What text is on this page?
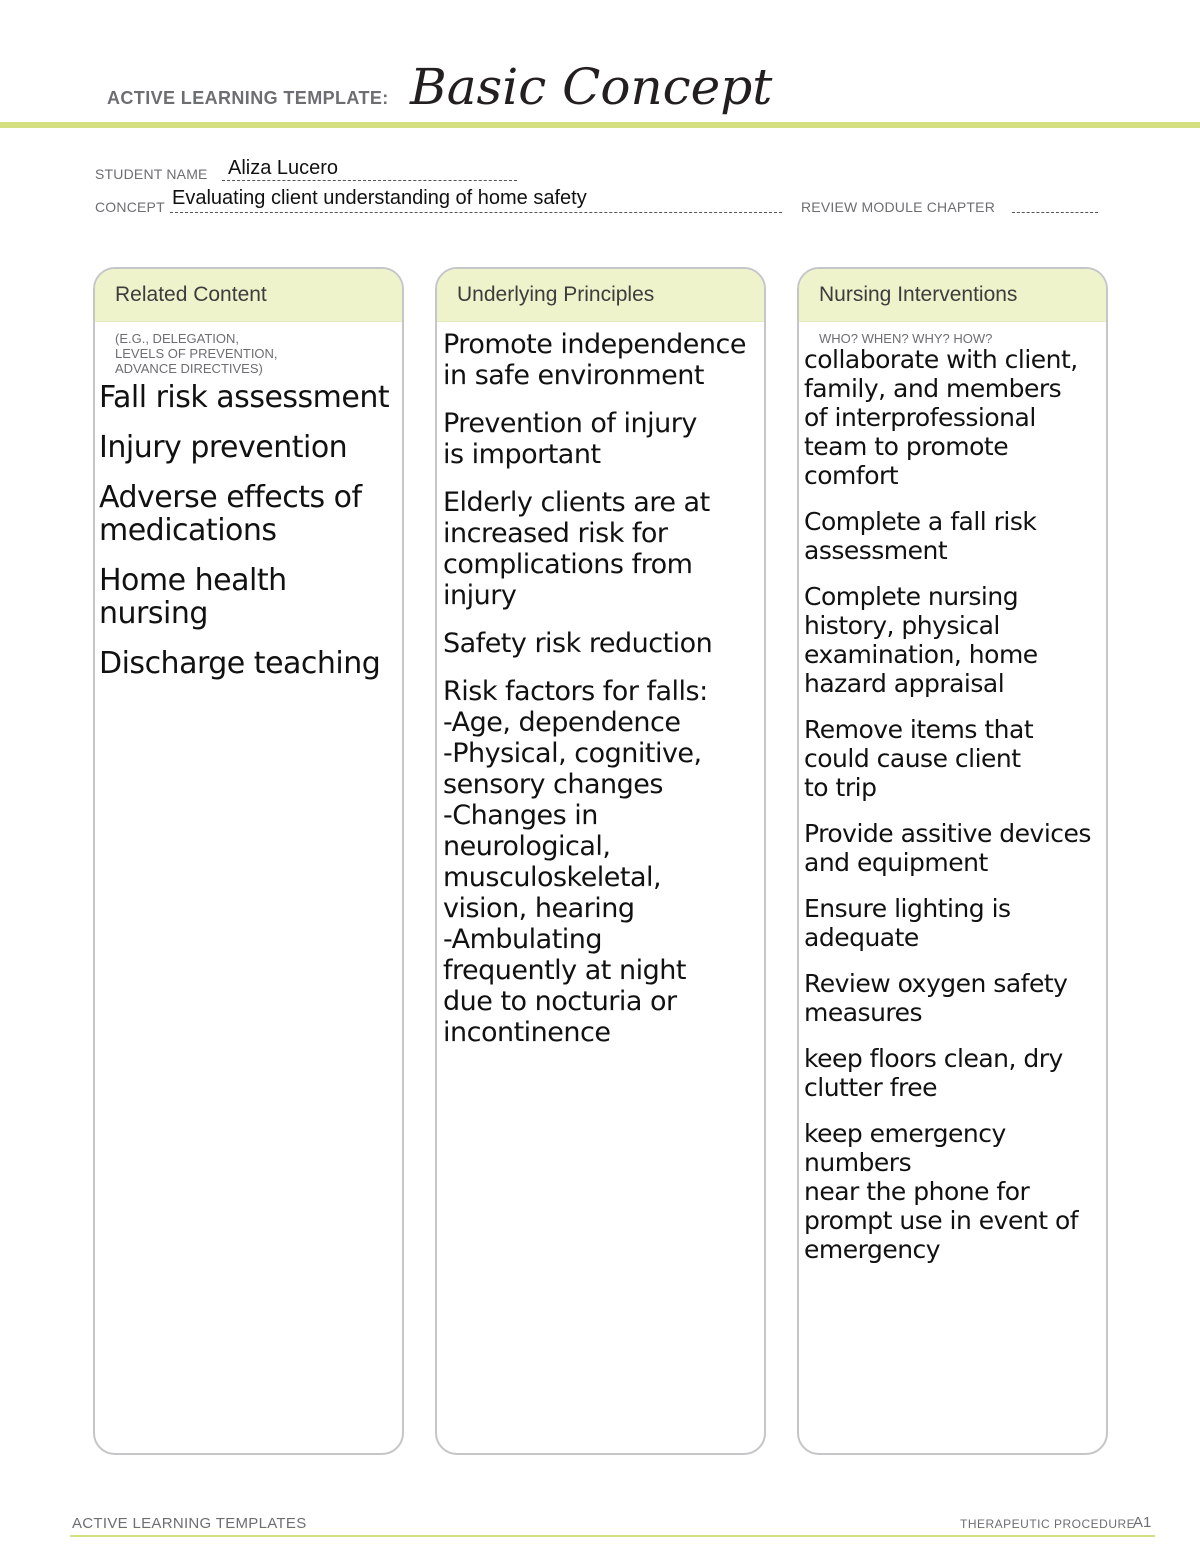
ACTIVE LEARNING TEMPLATE: Basic Concept
STUDENT NAME Aliza Lucero
CONCEPT Evaluating client understanding of home safety	REVIEW MODULE CHAPTER
Related Content
(E.G., DELEGATION,
LEVELS OF PREVENTION,
ADVANCE DIRECTIVES)
Fall risk assessment
Injury prevention
Adverse effects of
medications
Home health nursing
Discharge teaching
Underlying Principles
Promote independence
in safe environment
Prevention of injury
is important
Elderly clients are at
increased risk for
complications from
injury
Safety risk reduction
Risk factors for falls:
-Age, dependence
-Physical, cognitive,
sensory changes
-Changes in neurological,
musculoskeletal,
vision, hearing
-Ambulating
frequently at night
due to nocturia or
incontinence
Nursing Interventions
WHO? WHEN? WHY? HOW?
collaborate with client,
family, and members
of interprofessional
team to promote
comfort
Complete a fall risk
assessment
Complete nursing
history, physical
examination, home
hazard appraisal
Remove items that
could cause client
to trip
Provide assitive devices
and equipment
Ensure lighting is
adequate
Review oxygen safety
measures
keep floors clean, dry
clutter free
keep emergency numbers
near the phone for
prompt use in event of
emergency
ACTIVE LEARNING TEMPLATES	THERAPEUTIC PROCEDURE
A1
